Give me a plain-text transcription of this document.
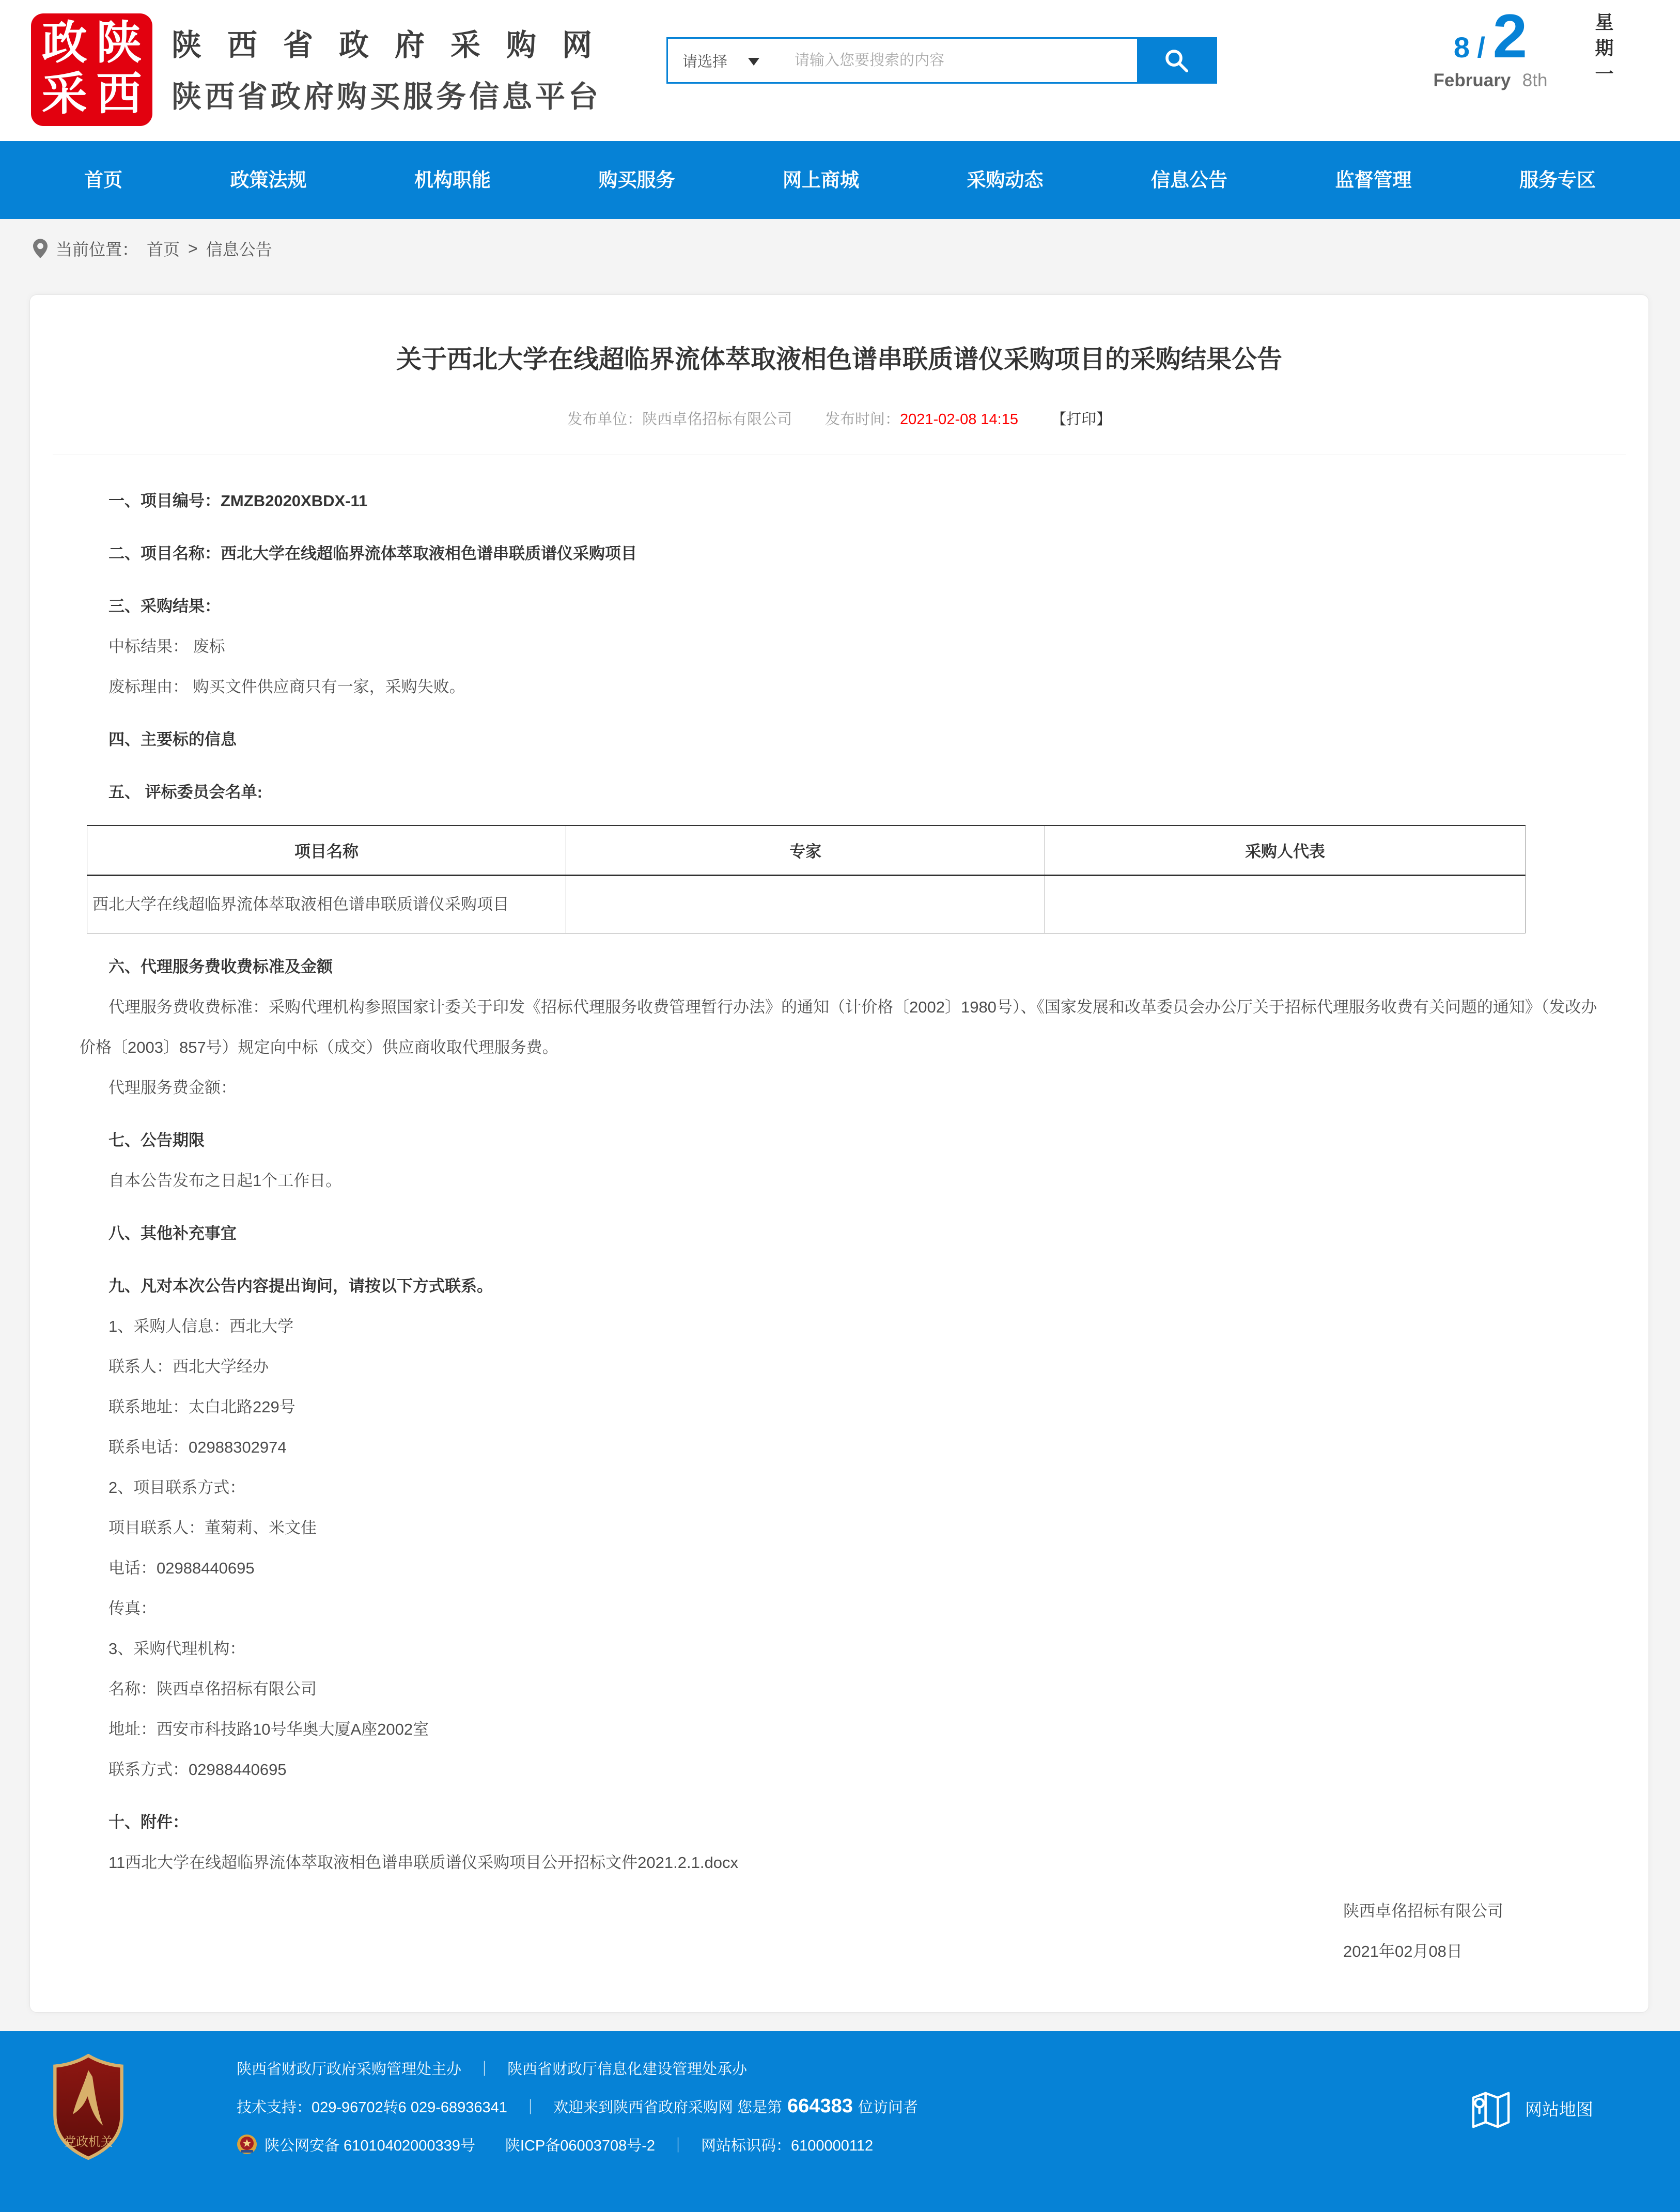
政 陕
采 西
陕西省政府采购网
陕西省政府购买服务信息平台
请选择
请输入您要搜索的内容	8 / 2
February 8th	星期一
首页	政策法规	机构职能	购买服务	网上商城	采购动态	信息公告	监督管理	服务专区
当前位置： 首页 > 信息公告
关于西北大学在线超临界流体萃取液相色谱串联质谱仪采购项目的采购结果公告
发布单位：陕西卓佲招标有限公司 发布时间：2021-02-08 14:15 【打印】

一、项目编号：ZMZB2020XBDX-11

二、项目名称：西北大学在线超临界流体萃取液相色谱串联质谱仪采购项目

三、采购结果：

中标结果： 废标

废标理由： 购买文件供应商只有一家，采购失败。

四、主要标的信息

五、 评标委员会名单:

项目名称	专家	采购人代表
西北大学在线超临界流体萃取液相色谱串联质谱仪采购项目		

六、代理服务费收费标准及金额

代理服务费收费标准：采购代理机构参照国家计委关于印发《招标代理服务收费管理暂行办法》的通知（计价格〔2002〕1980号）、《国家发展和改革委员会办公厅关于招标代理服务收费有关问题的通知》（发改办价格〔2003〕857号）规定向中标（成交）供应商收取代理服务费。

代理服务费金额：

七、公告期限

自本公告发布之日起1个工作日。

八、其他补充事宜

九、凡对本次公告内容提出询问，请按以下方式联系。

1、采购人信息：西北大学

联系人：西北大学经办

联系地址：太白北路229号

联系电话：02988302974

2、项目联系方式：

项目联系人：董菊莉、米文佳

电话：02988440695

传真：

3、采购代理机构：

名称：陕西卓佲招标有限公司

地址：西安市科技路10号华奥大厦A座2002室

联系方式：02988440695

十、附件：

11西北大学在线超临界流体萃取液相色谱串联质谱仪采购项目公开招标文件2021.2.1.docx

陕西卓佲招标有限公司
2021年02月08日
党政机关
陕西省财政厅政府采购管理处主办 ｜ 陕西省财政厅信息化建设管理处承办
技术支持：029-96702转6 029-68936341 ｜ 欢迎来到陕西省政府采购网 您是第 664383 位访问者
陕公网安备 61010402000339号 陕ICP备06003708号-2 ｜ 网站标识码：6100000112
网站地图
